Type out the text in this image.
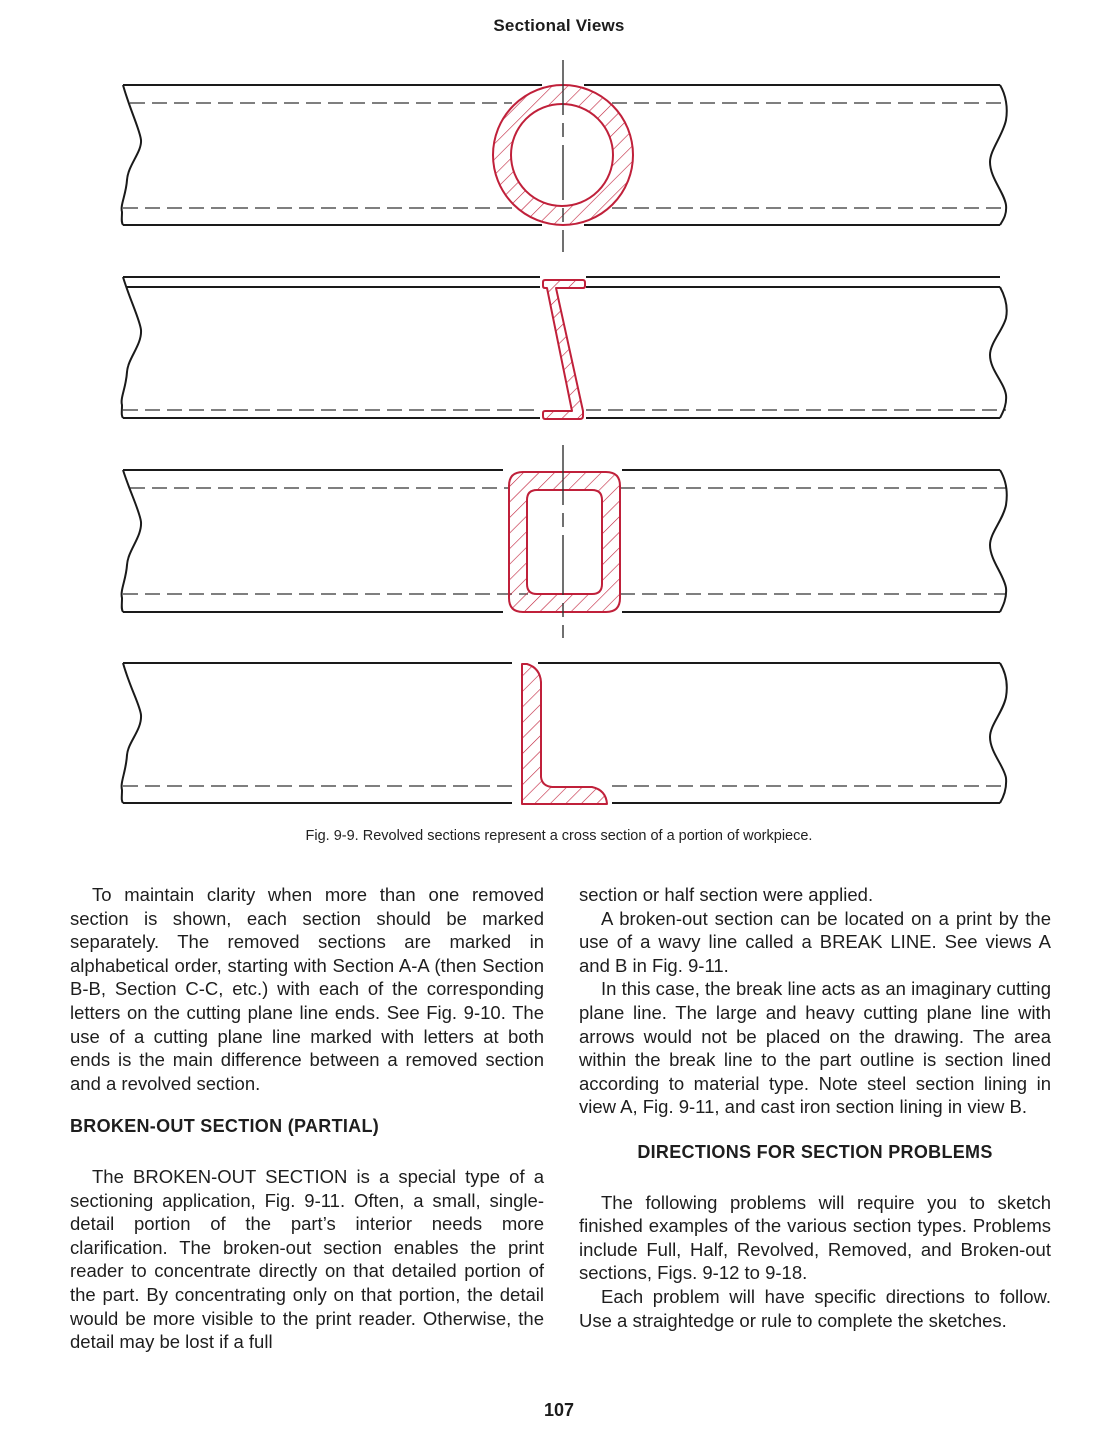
Sectional Views
Fig. 9-9. Revolved sections represent a cross section of a portion of workpiece.

To maintain clarity when more than one removed section is shown, each section should be marked separately. The removed sections are marked in alphabetical order, starting with Section A-A (then Section B-B, Section C-C, etc.) with each of the corresponding letters on the cutting plane line ends. See Fig. 9-10. The use of a cutting plane line marked with letters at both ends is the main difference between a removed section and a revolved section.

BROKEN-OUT SECTION (PARTIAL)

The BROKEN-OUT SECTION is a special type of a sectioning application, Fig. 9-11. Often, a small, single-detail portion of the part’s interior needs more clarification. The broken-out section enables the print reader to concentrate directly on that detailed portion of the part. By concentrating only on that portion, the detail would be more visible to the print reader. Otherwise, the detail may be lost if a full

section or half section were applied.

A broken-out section can be located on a print by the use of a wavy line called a BREAK LINE. See views A and B in Fig. 9-11.

In this case, the break line acts as an imaginary cutting plane line. The large and heavy cutting plane line with arrows would not be placed on the drawing. The area within the break line to the part outline is section lined according to material type. Note steel section lining in view A, Fig. 9-11, and cast iron section lining in view B.

DIRECTIONS FOR SECTION PROBLEMS

The following problems will require you to sketch finished examples of the various section types. Problems include Full, Half, Revolved, Removed, and Broken-out sections, Figs. 9-12 to 9-18.

Each problem will have specific directions to follow. Use a straightedge or rule to complete the sketches.

107
